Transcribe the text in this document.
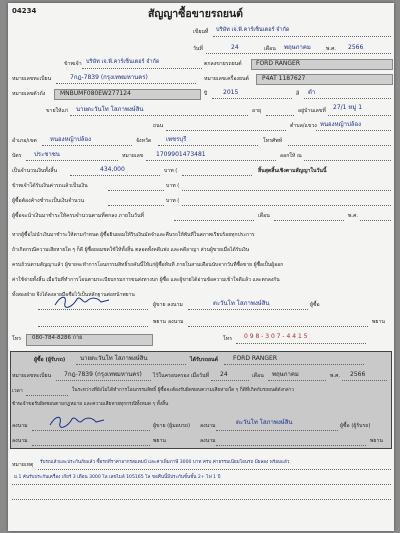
04234	สัญญาซื้อขายรถยนต์
เขียนที่ บริษัท เจ.พี.คาร์เซ็นเตอร์ จำกัด
วันที่	24	เดือน พฤษภาคม	พ.ศ. 2566
ข้าพเจ้า บริษัท เจ.พี.คาร์เซ็นเตอร์ จำกัด	ตกลงขายรถยนต์ FORD RANGER
หมายเลขทะเบียน	7กฎ-7839 (กรุงเทพมหานคร)	หมายเลขเครื่องยนต์ P4AT 1187627
หมายเลขตัวถัง MNBUMF080EW277124	ปี	2015	สี ดำ
ขายให้แก่ นายตะวันโท โสภาพงษ์สิน	อายุ	อยู่บ้านเลขที่ 27/1 หมู่ 1
ถนน	ตำบล/แขวง
อำเภอ/เขต หนองหญ้าปล้อง	จังหวัด เพชรบุรี	โทรศัพท์
หนองหญ้าปล้อง
บัตร ประชาชน	หมายเลข 1709901473481	ออกให้ ณ
เป็นจำนวนเงินทั้งสิ้น	434,000	บาท (	สิ้นสุดสิ้นเชิงตามสัญญาในวันนี้
ข้าพเจ้าได้รับเงินค่ารถแล้วเป็นเงิน	บาท (
ผู้ซื้อต้องค้างชำระเป็นเงินจำนวน	บาท (
ผู้ซื้อจะนำเงินมาชำระให้ครบจำนวนตามที่ตกลง ภายในวันที่	เดือน	พ.ศ.
หากผู้ซื้อไม่นำเงินมาชำระให้ตามกำหนด ผู้ซื้อยินยอมให้ริบเงินมัดจำและคืนรถให้พันที่ในสภาพเรียบร้อยทุกประการ
ถ้าเกิดกรณีความเสียหายใด ๆ ก็ดี ผู้ซื้อยอมชดใช้ให้ทั้งสิ้น ตลอดทั้งคดีแพ่ง และคดีอาญา ส่วนผู้ขายเมื่อได้รับเงิน
ครบถ้วนตามสัญญาแล้ว ผู้ขายจะทำการโอนกรรมสิทธิ์รถคันนี้ให้แก่ผู้ซื้อทันที ภายในสามเดือนนับจากวันที่ซื้อขาย ผู้ซื้อเป็นผู้ออก
ค่าใช้จ่ายทั้งสิ้น เมื่อวันที่ทำการโอนตามระเบียบกรมการขนส่งทางบก ผู้ซื้อ และผู้ขายได้อ่านข้อความเข้าใจดีแล้ว และตกลงกัน
ทั้งสองฝ่าย จึงได้ลงลายมือชื่อไว้เป็นหลักฐานต่อหน้าพยาน
ผู้ขาย ลงนาม	ตะวันโท โสภาพงษ์สิน	ผู้ซื้อ
พยาน ลงนาม	พยาน
โทร 080-784-8286 กาย	โทร 0 9 8 - 3 0 7 - 4 4 1 5
ผู้ซื้อ (ผู้รับรถ) นายตะวันโท โสภาพงษ์สิน	ได้รับรถยนต์	FORD RANGER
หมายเลขทะเบียน 7กฎ-7839 (กรุงเทพมหานคร) ไว้ในครอบครอง เมื่อวันที่ 24	เดือน พฤษภาคม	พ.ศ. 2566
เวลา	ในระหว่างที่ยังไม่ได้ทำการโอนกรรมสิทธิ์ ผู้ซื้อจะต้องรับผิดชอบความเสียหายใด ๆ ก็ดีที่เกิดกับรถยนต์ดังกล่าว
ข้าพเจ้าขอรับผิดชอบตามกฎหมาย และความเสียหายทุกกรณีทั้งหมด ๆ ทั้งสิ้น
ลงนาม	ผู้ขาย (ผู้มอบรถ) ลงนาม	ตะวันโท โสภาพงษ์สิน	ผู้ซื้อ (ผู้รับรถ)
ลงนาม	พยาน	ลงนาม	พยาน
หมายเหตุ รับรถแล้วและประกันภัยแล้ว ซื้อรถที่ราคาอากรสแตมป์ และค่าเพิ่มภาษี 3000 บาท ครบ ค่าธรรมเนียมโอนรถ มีผลอง พร้อมแล้ว
ม.1 ค้นรับประกันเครื่อง เกียร์ 3 เดือน 3000 โล เลขไมล์ 105165 โล ขอคืนนี้มีประกันขั้นชั้น 2+ ไฟ 1 ปี
